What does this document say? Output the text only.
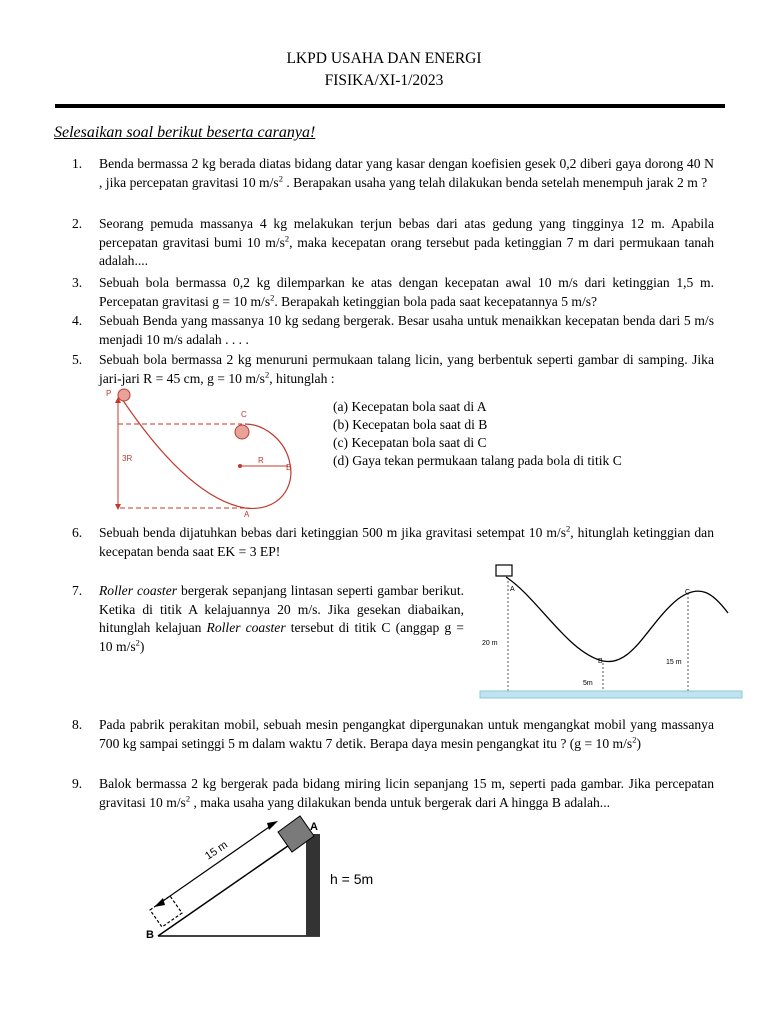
LKPD USAHA DAN ENERGI
FISIKA/XI-1/2023
Selesaikan soal berikut beserta caranya!
1. Benda bermassa 2 kg berada diatas bidang datar yang kasar dengan koefisien gesek 0,2 diberi gaya dorong 40 N , jika percepatan gravitasi 10 $m/s^2$ . Berapakan usaha yang telah dilakukan benda setelah menempuh jarak 2 m ?
2. Seorang pemuda massanya 4 kg melakukan terjun bebas dari atas gedung yang tingginya 12 m. Apabila percepatan gravitasi bumi 10 $m/s^2$, maka kecepatan orang tersebut pada ketinggian 7 m dari permukaan tanah adalah....
3. Sebuah bola bermassa 0,2 kg dilemparkan ke atas dengan kecepatan awal 10 m/s dari ketinggian 1,5 m. Percepatan gravitasi g = 10 $m/s^2$. Berapakah ketinggian bola pada saat kecepatannya 5 m/s?
4. Sebuah Benda yang massanya 10 kg sedang bergerak. Besar usaha untuk menaikkan kecepatan benda dari 5 m/s menjadi 10 m/s adalah . . . .
5. Sebuah bola bermassa 2 kg menuruni permukaan talang licin, yang berbentuk seperti gambar di samping. Jika jari-jari R = 45 cm, g = 10 $m/s^2$, hitunglah :
P
C
R
B
A
3R
(a) Kecepatan bola saat di A
(b) Kecepatan bola saat di B
(c) Kecepatan bola saat di C
(d) Gaya tekan permukaan talang pada bola di titik C
6. Sebuah benda dijatuhkan bebas dari ketinggian 500 m jika gravitasi setempat 10 $m/s^2$, hitunglah ketinggian dan kecepatan benda saat EK = 3 EP!
7. Roller coaster bergerak sepanjang lintasan seperti gambar berikut. Ketika di titik A kelajuannya 20 m/s. Jika gesekan diabaikan, hitunglah kelajuan Roller coaster tersebut di titik C (anggap g = 10 $m/s^2$)
A
B
C
20 m
15 m
5m
8. Pada pabrik perakitan mobil, sebuah mesin pengangkat dipergunakan untuk mengangkat mobil yang massanya 700 kg sampai setinggi 5 m dalam waktu 7 detik. Berapa daya mesin pengangkat itu ? (g = 10 $m/s^2$)
9. Balok bermassa 2 kg bergerak pada bidang miring licin sepanjang 15 m, seperti pada gambar. Jika percepatan gravitasi 10 $m/s^2$ , maka usaha yang dilakukan benda untuk bergerak dari A hingga B adalah...
15 m
A
B
h = 5m
